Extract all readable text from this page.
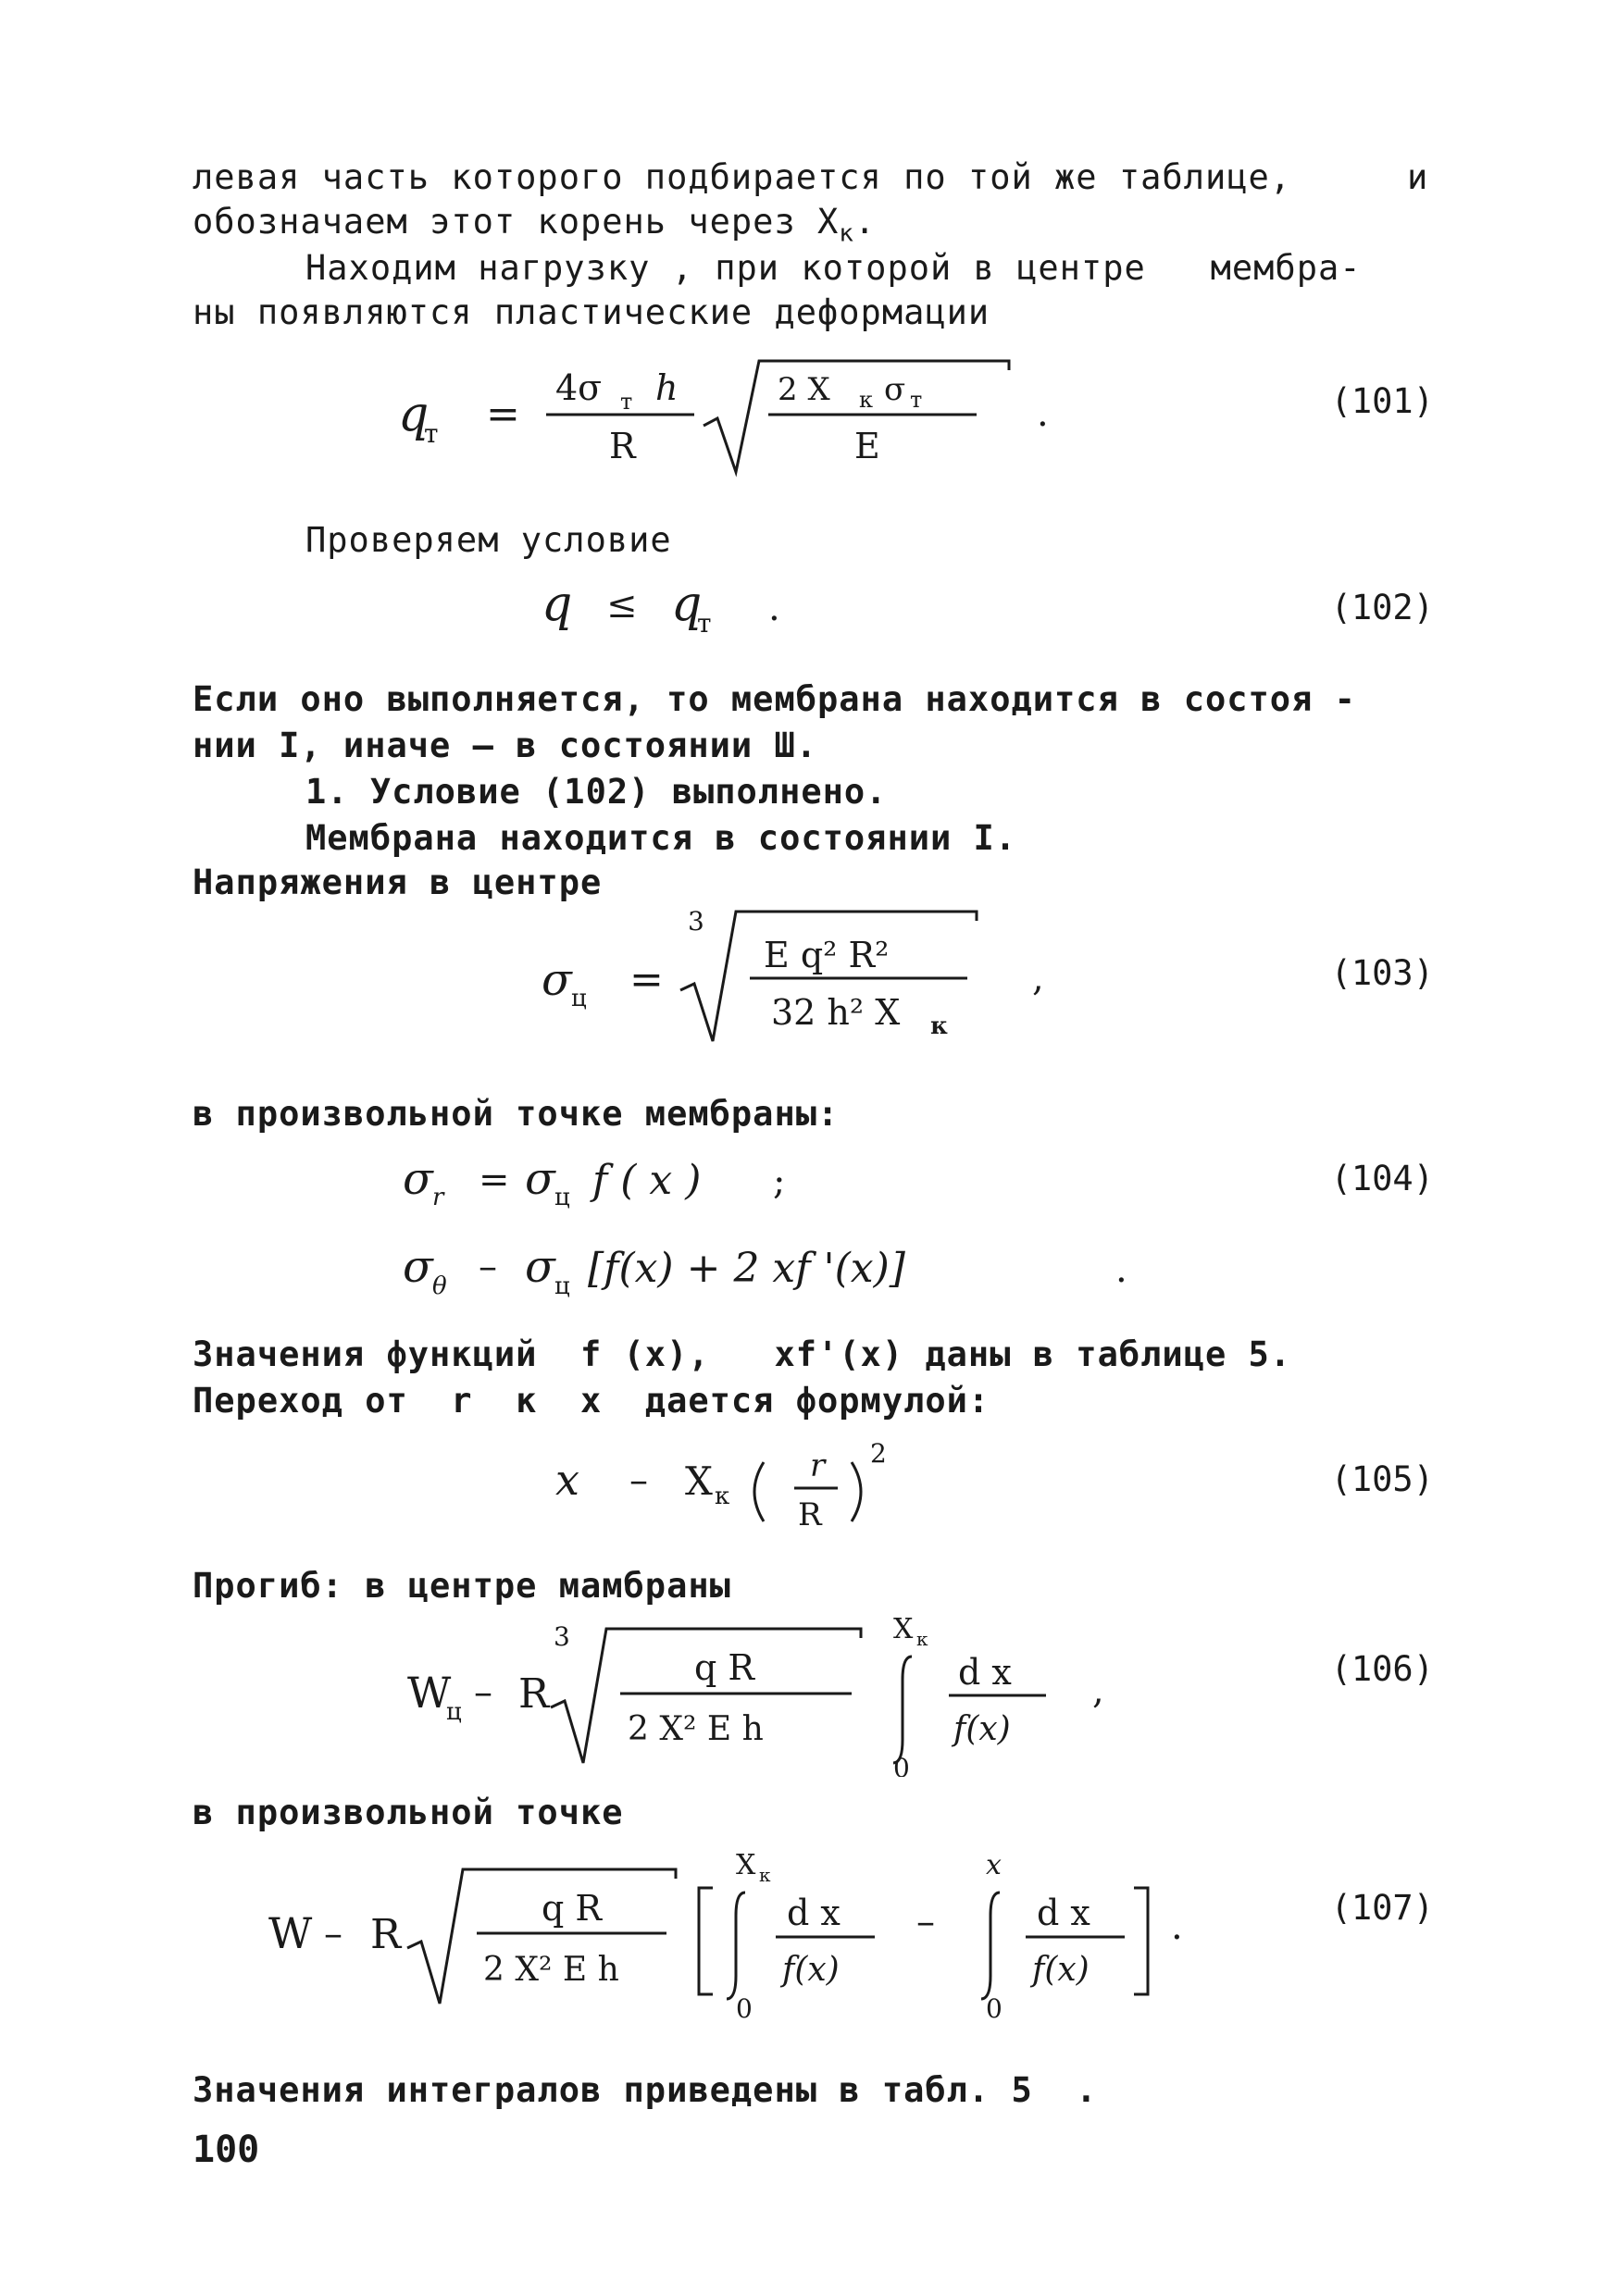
левая часть которого подбирается по той же таблице,	и
обозначаем этот корень через $X_к$.
Находим нагрузку , при которой в центре   мембра-
ны появляются пластические деформации
q
т =
4σ т h
R
2 X к σ т
E
.	(101)
Проверяем условие
q ≤ q
т .	(102)
Если оно выполняется, то мембрана находится в состоя -
нии I, иначе – в состоянии Ш.
1. Условие (102) выполнено.
Мембрана находится в состоянии I.
Напряжения в центре
σ ц =
3
E q² R²
32 h² X к
,	(103)
в произвольной точке мембраны:
σ r = σ ц f ( x ) ;
σ θ – σ ц [f(x) + 2 xf '(x)]	.
(104)
Значения функций  f (x),   xf'(x) даны в таблице 5.
Переход от  r  к  x  дается формулой:
x – X к
r
R
2
(105)
Прогиб: в центре мамбраны
W
ц – R
3
q R
2 X² E h
X к
0
d x
f(x)
,
(106)
в произвольной точке
W – R
q R
2 X² E h
X к
0
d x
f(x)
–
x
0
d x
f(x)
.	(107)
Значения интегралов приведены в табл. 5  .
100
